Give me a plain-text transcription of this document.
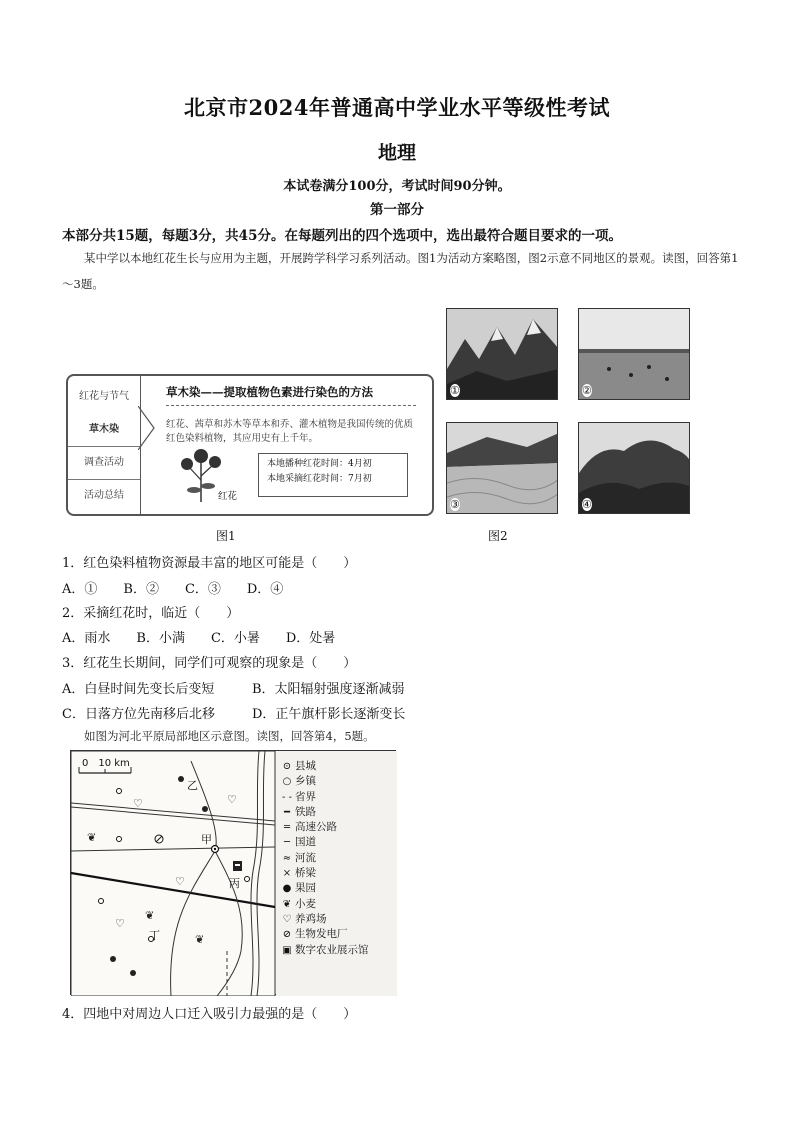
北京市2024年普通高中学业水平等级性考试
地理
本试卷满分100分，考试时间90分钟。
第一部分
本部分共15题，每题3分，共45分。在每题列出的四个选项中，选出最符合题目要求的一项。
某中学以本地红花生长与应用为主题，开展跨学科学习系列活动。图1为活动方案略图，图2示意不同地区的景观。读图，回答第1～3题。
红花与节气
草木染
调查活动
活动总结
草木染——提取植物色素进行染色的方法
红花、茜草和苏木等草本和乔、灌木植物是我国传统的优质红色染料植物，其应用史有上千年。
红花
本地播种红花时间：4月初
本地采摘红花时间：7月初
图1
①	②
③	④
图2
1．红色染料植物资源最丰富的地区可能是（　　）
A．①　　B．②　　C．③　　D．④
2．采摘红花时，临近（　　）
A．雨水　　B．小满　　C．小暑　　D．处暑
3．红花生长期间，同学们可观察的现象是（　　）
A．白昼时间先变长后变短	B．太阳辐射强度逐渐减弱
C．日落方位先南移后北移	D．正午旗杆影长逐渐变长
如图为河北平原局部地区示意图。读图，回答第4，5题。
❦
❦
❦
♡	♡
♡
♡
0　10 km
乙
甲
丙
丁
⊙ 县城
○ 乡镇
- - 省界
━ 铁路
═ 高速公路
─ 国道
≈ 河流
× 桥梁
● 果园
❦ 小麦
♡ 养鸡场
⊘ 生物发电厂
▣ 数字农业展示馆
4．四地中对周边人口迁入吸引力最强的是（　　）
